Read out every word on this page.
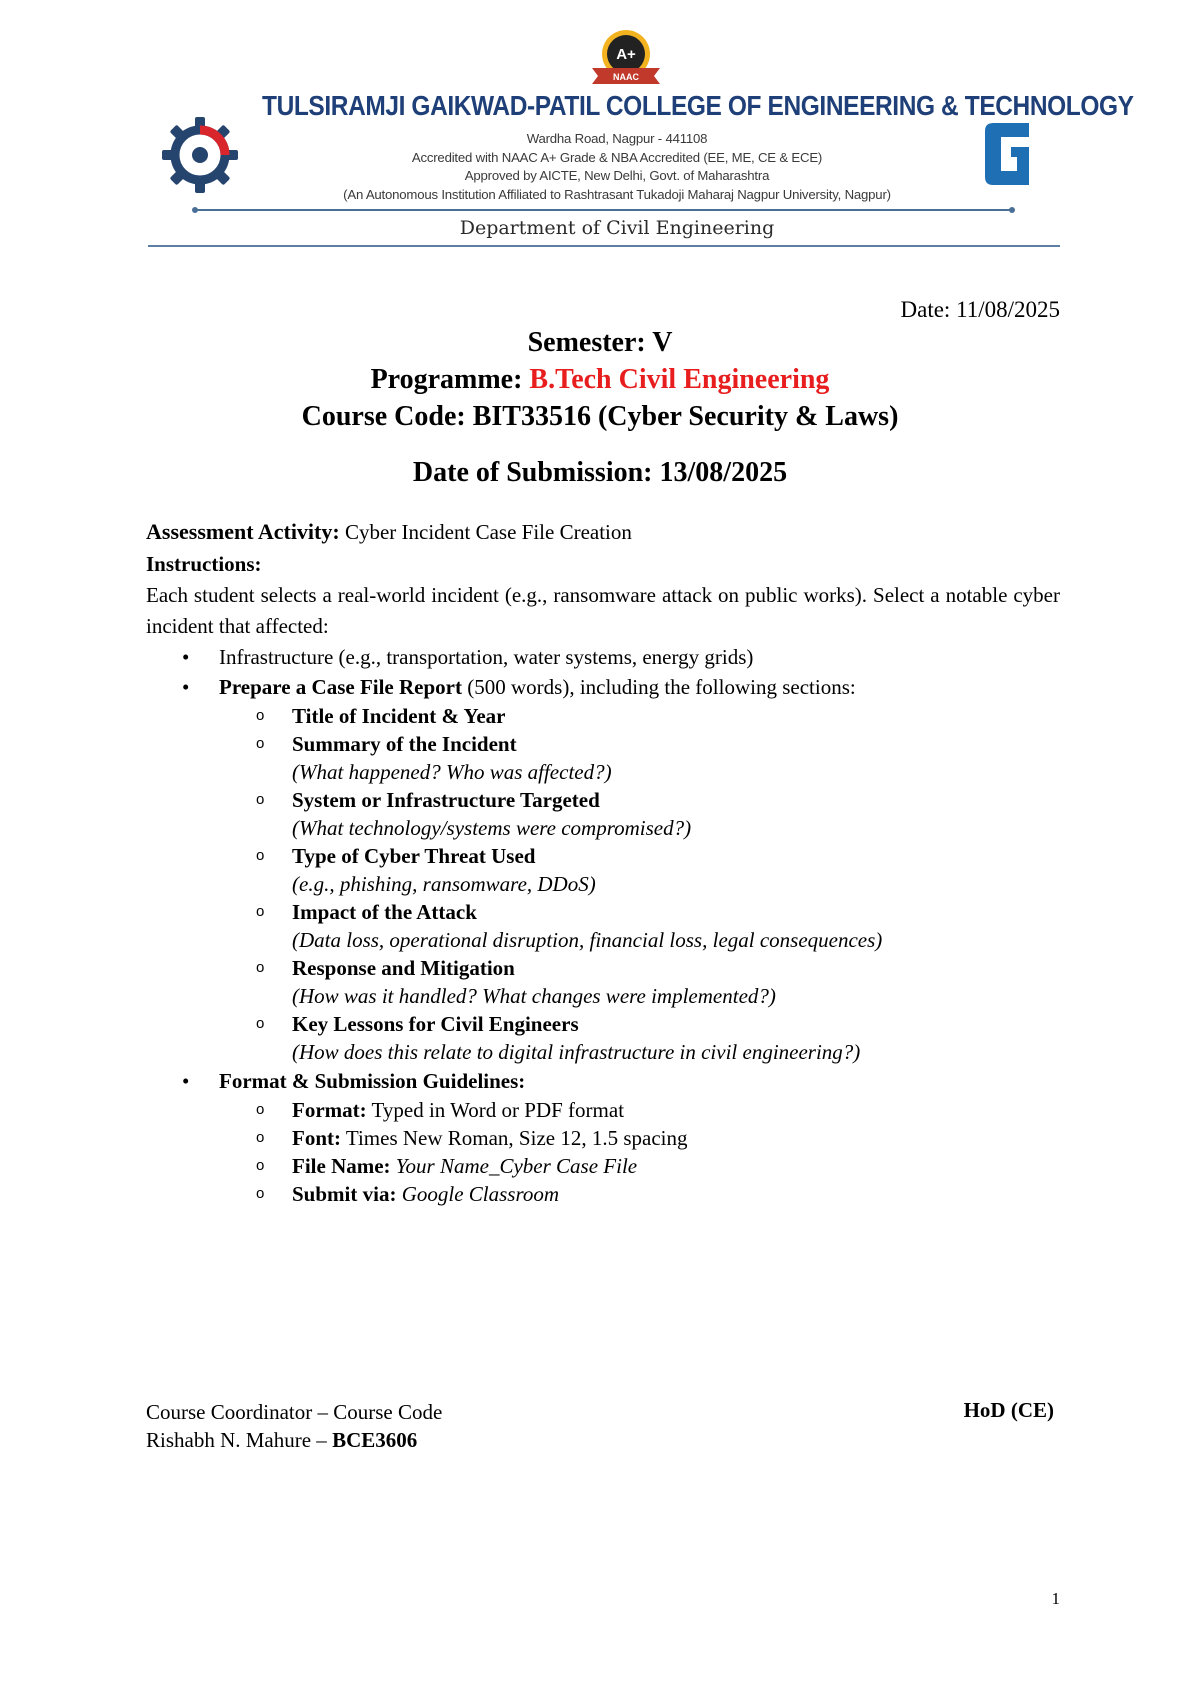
A+
NAAC
TULSIRAMJI GAIKWAD-PATIL COLLEGE OF ENGINEERING & TECHNOLOGY
Wardha Road, Nagpur - 441108
Accredited with NAAC A+ Grade & NBA Accredited (EE, ME, CE & ECE)
Approved by AICTE, New Delhi, Govt. of Maharashtra
(An Autonomous Institution Affiliated to Rashtrasant Tukadoji Maharaj Nagpur University, Nagpur)
Department of Civil Engineering
Date: 11/08/2025
Semester: V
Programme: B.Tech Civil Engineering
Course Code: BIT33516 (Cyber Security & Laws)
Date of Submission: 13/08/2025
Assessment Activity: Cyber Incident Case File Creation
Instructions:
Each student selects a real-world incident (e.g., ransomware attack on public works). Select a notable cyber incident that affected:
• Infrastructure (e.g., transportation, water systems, energy grids)
• Prepare a Case File Report (500 words), including the following sections:
o Title of Incident & Year
o Summary of the Incident
(What happened? Who was affected?)
o System or Infrastructure Targeted
(What technology/systems were compromised?)
o Type of Cyber Threat Used
(e.g., phishing, ransomware, DDoS)
o Impact of the Attack
(Data loss, operational disruption, financial loss, legal consequences)
o Response and Mitigation
(How was it handled? What changes were implemented?)
o Key Lessons for Civil Engineers
(How does this relate to digital infrastructure in civil engineering?)
• Format & Submission Guidelines:
o Format: Typed in Word or PDF format
o Font: Times New Roman, Size 12, 1.5 spacing
o File Name: Your Name_Cyber Case File
o Submit via: Google Classroom
Course Coordinator – Course Code
Rishabh N. Mahure – BCE3606
HoD (CE)
1
